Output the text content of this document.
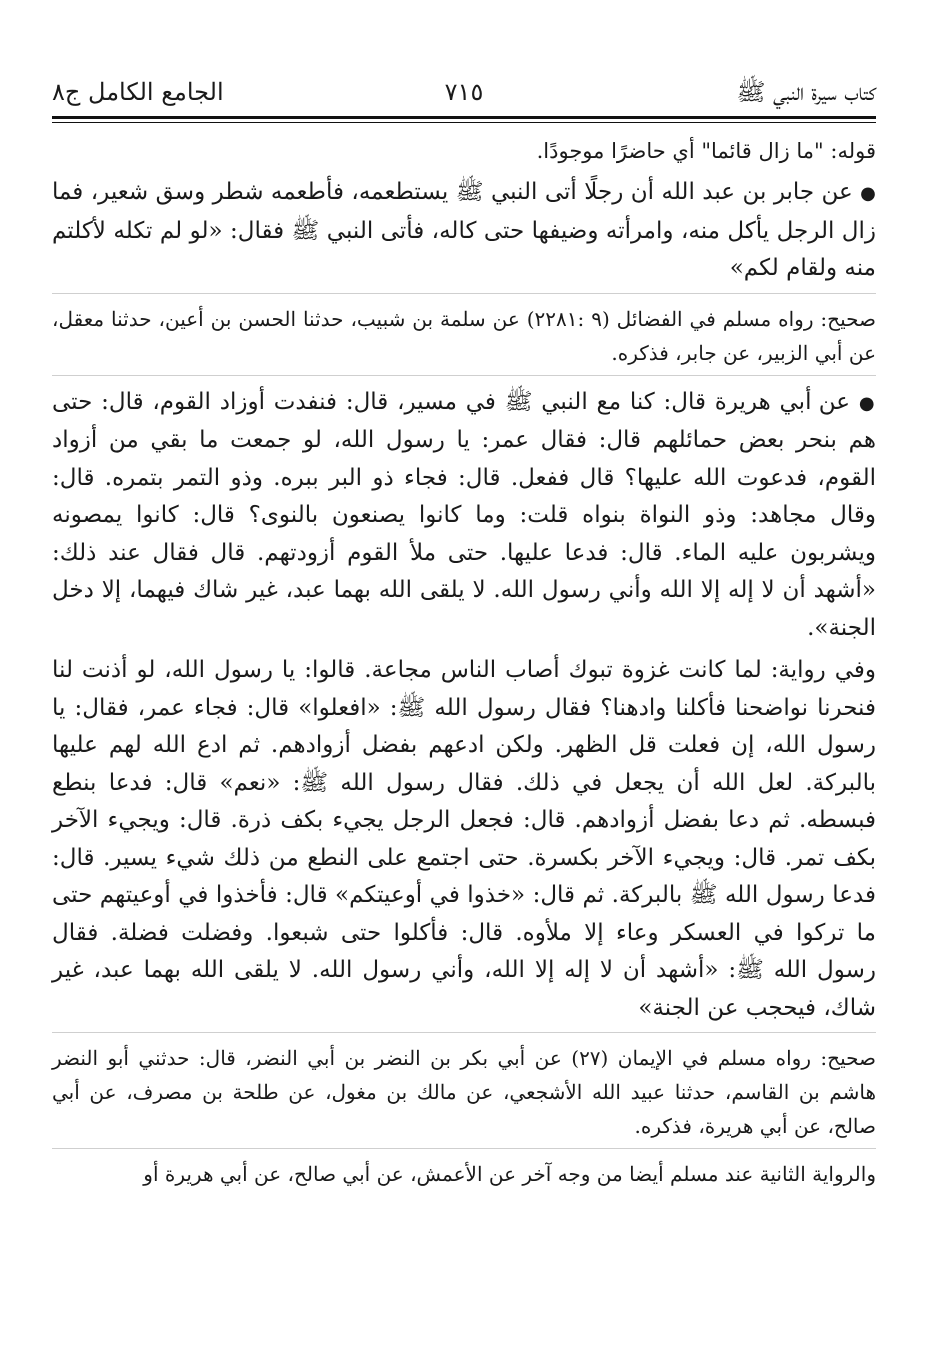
كتاب سيرة النبي ﷺ
٧١٥
الجامع الكامل ج٨

قوله: "ما زال قائما" أي حاضرًا موجودًا.

● عن جابر بن عبد الله أن رجلًا أتى النبي ﷺ يستطعمه، فأطعمه شطر وسق شعير، فما زال الرجل يأكل منه، وامرأته وضيفها حتى كاله، فأتى النبي ﷺ فقال: «لو لم تكله لأكلتم منه ولقام لكم»

صحيح: رواه مسلم في الفضائل (٩ :٢٢٨١) عن سلمة بن شبيب، حدثنا الحسن بن أعين، حدثنا معقل، عن أبي الزبير، عن جابر، فذكره.

● عن أبي هريرة قال: كنا مع النبي ﷺ في مسير، قال: فنفدت أوزاد القوم، قال: حتى هم بنحر بعض حمائلهم قال: فقال عمر: يا رسول الله، لو جمعت ما بقي من أزواد القوم، فدعوت الله عليها؟ قال ففعل. قال: فجاء ذو البر ببره. وذو التمر بتمره. قال: وقال مجاهد: وذو النواة بنواه قلت: وما كانوا يصنعون بالنوى؟ قال: كانوا يمصونه ويشربون عليه الماء. قال: فدعا عليها. حتى ملأ القوم أزودتهم. قال فقال عند ذلك: «أشهد أن لا إله إلا الله وأني رسول الله. لا يلقى الله بهما عبد، غير شاك فيهما، إلا دخل الجنة».

وفي رواية: لما كانت غزوة تبوك أصاب الناس مجاعة. قالوا: يا رسول الله، لو أذنت لنا فنحرنا نواضحنا فأكلنا وادهنا؟ فقال رسول الله ﷺ: «افعلوا» قال: فجاء عمر، فقال: يا رسول الله، إن فعلت قل الظهر. ولكن ادعهم بفضل أزوادهم. ثم ادع الله لهم عليها بالبركة. لعل الله أن يجعل في ذلك. فقال رسول الله ﷺ: «نعم» قال: فدعا بنطع فبسطه. ثم دعا بفضل أزوادهم. قال: فجعل الرجل يجيء بكف ذرة. قال: ويجيء الآخر بكف تمر. قال: ويجيء الآخر بكسرة. حتى اجتمع على النطع من ذلك شيء يسير. قال: فدعا رسول الله ﷺ بالبركة. ثم قال: «خذوا في أوعيتكم» قال: فأخذوا في أوعيتهم حتى ما تركوا في العسكر وعاء إلا ملأوه. قال: فأكلوا حتى شبعوا. وفضلت فضلة. فقال رسول الله ﷺ: «أشهد أن لا إله إلا الله، وأني رسول الله. لا يلقى الله بهما عبد، غير شاك، فيحجب عن الجنة»

صحيح: رواه مسلم في الإيمان (٢٧) عن أبي بكر بن النضر بن أبي النضر، قال: حدثني أبو النضر هاشم بن القاسم، حدثنا عبيد الله الأشجعي، عن مالك بن مغول، عن طلحة بن مصرف، عن أبي صالح، عن أبي هريرة، فذكره.

والرواية الثانية عند مسلم أيضا من وجه آخر عن الأعمش، عن أبي صالح، عن أبي هريرة أو
